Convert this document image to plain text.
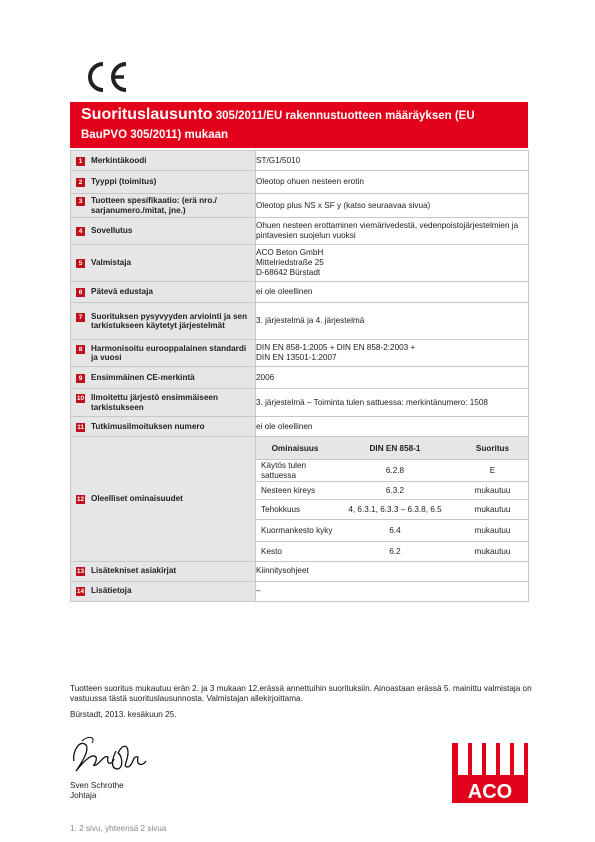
Suorituslausunto 305/2011/EU rakennustuotteen määräyksen (EU
BauPVO 305/2011) mukaan
1	Merkintäkoodi	ST/G1/5010

2	Tyyppi (toimitus)	Oleotop ohuen nesteen erotin

3	Tuotteen spesifikaatio: (erä nro./ sarjanumero./mitat, jne.)
	Oleotop plus NS x SF y (katso seuraavaa sivua)

4	Sovellutus
	Ohuen nesteen erottaminen viemärivedestä, vedenpoistojärjestelmien ja pintavesien suojelun vuoksi

5	Valmistaja

ACO Beton GmbH
Mittelriedstraße 25
D-68642 Bürstadt

6	Pätevä edustaja	ei ole oleellinen

7	Suorituksen pysyvyyden arviointi ja sen tarkistukseen käytetyt järjestelmät
	3. järjestelmä ja 4. järjestelmä

8	Harmonisoitu eurooppalainen standardi ja vuosi

DIN EN 858-1:2005 + DIN EN 858-2:2003 +
DIN EN 13501-1:2007

9	Ensimmäinen CE-merkintä	2006

10 Ilmoitettu järjestö ensimmäiseen tarkistukseen
	3. järjestelmä – Toiminta tulen sattuessa: merkintänumero: 1508

11 Tutkimusilmoituksen numero	ei ole oleellinen

12 Oleelliset ominaisuudet

Ominaisuus	DIN EN 858-1	Suoritus
Käytös tulen sattuessa	6.2.8	E
Nesteen kireys	6.3.2	mukautuu
Tehokkuus	4, 6.3.1, 6.3.3 – 6.3.8, 6.5	mukautuu
Kuormankesto kyky	6.4	mukautuu
Kesto	6.2	mukautuu

13 Lisätekniset asiakirjat	Kiinnitysohjeet

14 Lisätietoja	–
Tuotteen suoritus mukautuu erän 2. ja 3 mukaan 12.erässä annettuihin suorituksiin. Ainoastaan erässä 5. mainittu valmistaja on vastuussa tästä suorituslausunnosta. Valmistajan allekirjoittama.
Bürstadt, 2013. kesäkuun 25.
Sven Schrothe
Johtaja
1. 2 sivu, yhteensä 2 sivua
ACO
